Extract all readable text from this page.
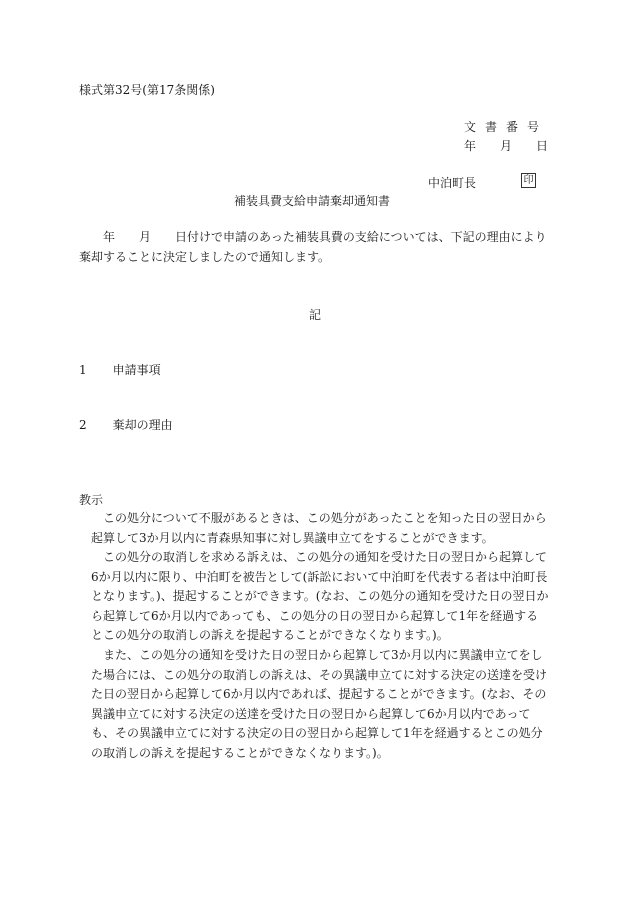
様式第32号(第17条関係)
文書番号
年　　月　　日
中泊町長	印
補装具費支給申請棄却通知書
年　　月　　日付けで申請のあった補装具費の支給については、下記の理由により棄却することに決定しましたので通知します。
記
1 申請事項
2 棄却の理由
教示
この処分について不服があるときは、この処分があったことを知った日の翌日から起算して3か月以内に青森県知事に対し異議申立てをすることができます。
この処分の取消しを求める訴えは、この処分の通知を受けた日の翌日から起算して6か月以内に限り、中泊町を被告として(訴訟において中泊町を代表する者は中泊町長となります。)、提起することができます。(なお、この処分の通知を受けた日の翌日から起算して6か月以内であっても、この処分の日の翌日から起算して1年を経過するとこの処分の取消しの訴えを提起することができなくなります。)。
また、この処分の通知を受けた日の翌日から起算して3か月以内に異議申立てをした場合には、この処分の取消しの訴えは、その異議申立てに対する決定の送達を受けた日の翌日から起算して6か月以内であれば、提起することができます。(なお、その異議申立てに対する決定の送達を受けた日の翌日から起算して6か月以内であっても、その異議申立てに対する決定の日の翌日から起算して1年を経過するとこの処分の取消しの訴えを提起することができなくなります。)。
